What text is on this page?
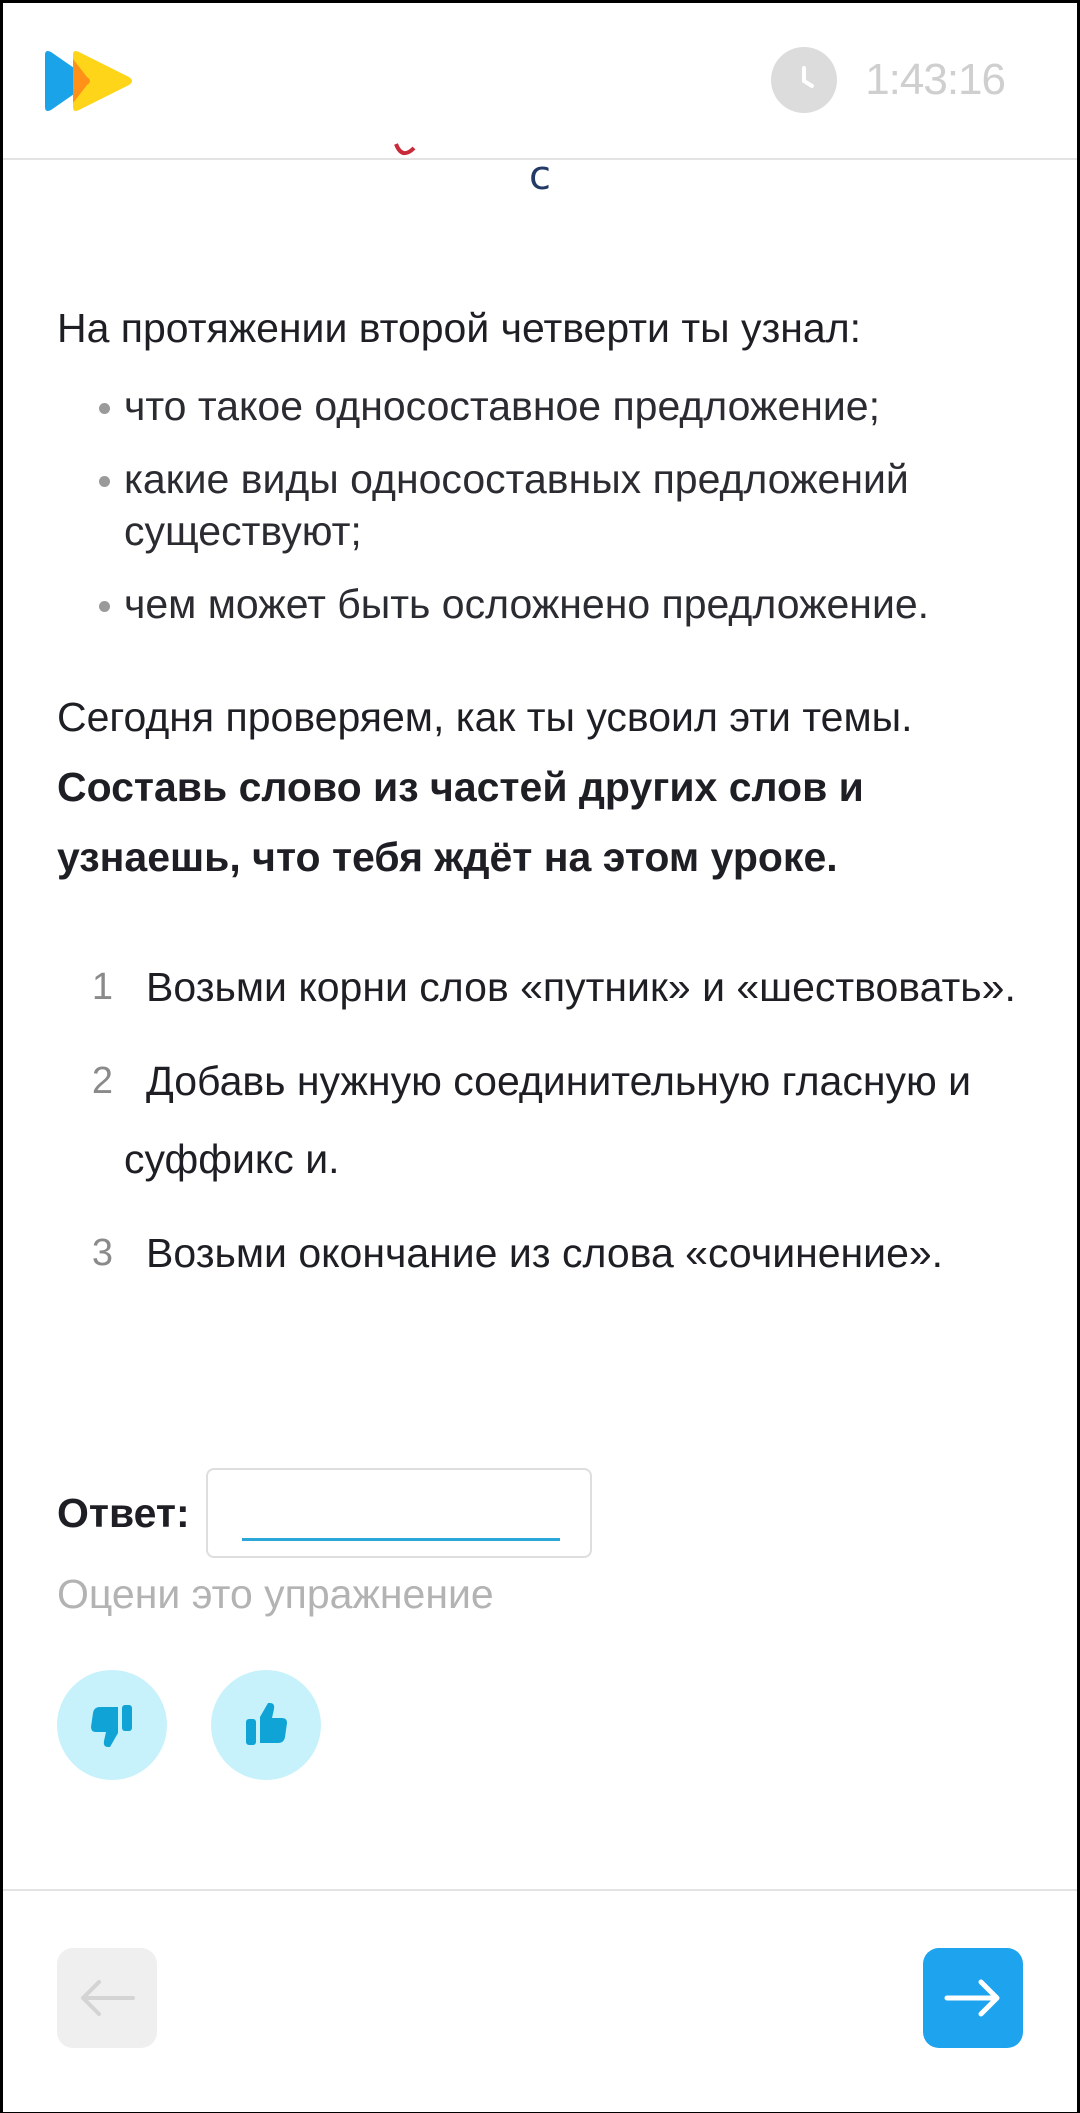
1:43:16
с

На протяжении второй четверти ты узнал:

что такое односоставное предложение;
какие виды односоставных предложений существуют;
чем может быть осложнено предложение.

Сегодня проверяем, как ты усвоил эти темы. Составь слово из частей других слов и узнаешь, что тебя ждёт на этом уроке.

1 Возьми корни слов «путник» и «шествовать».
2 Добавь нужную соединительную гласную и суффикс и.
3 Возьми окончание из слова «сочинение».
Ответ:
Оцени это упражнение
